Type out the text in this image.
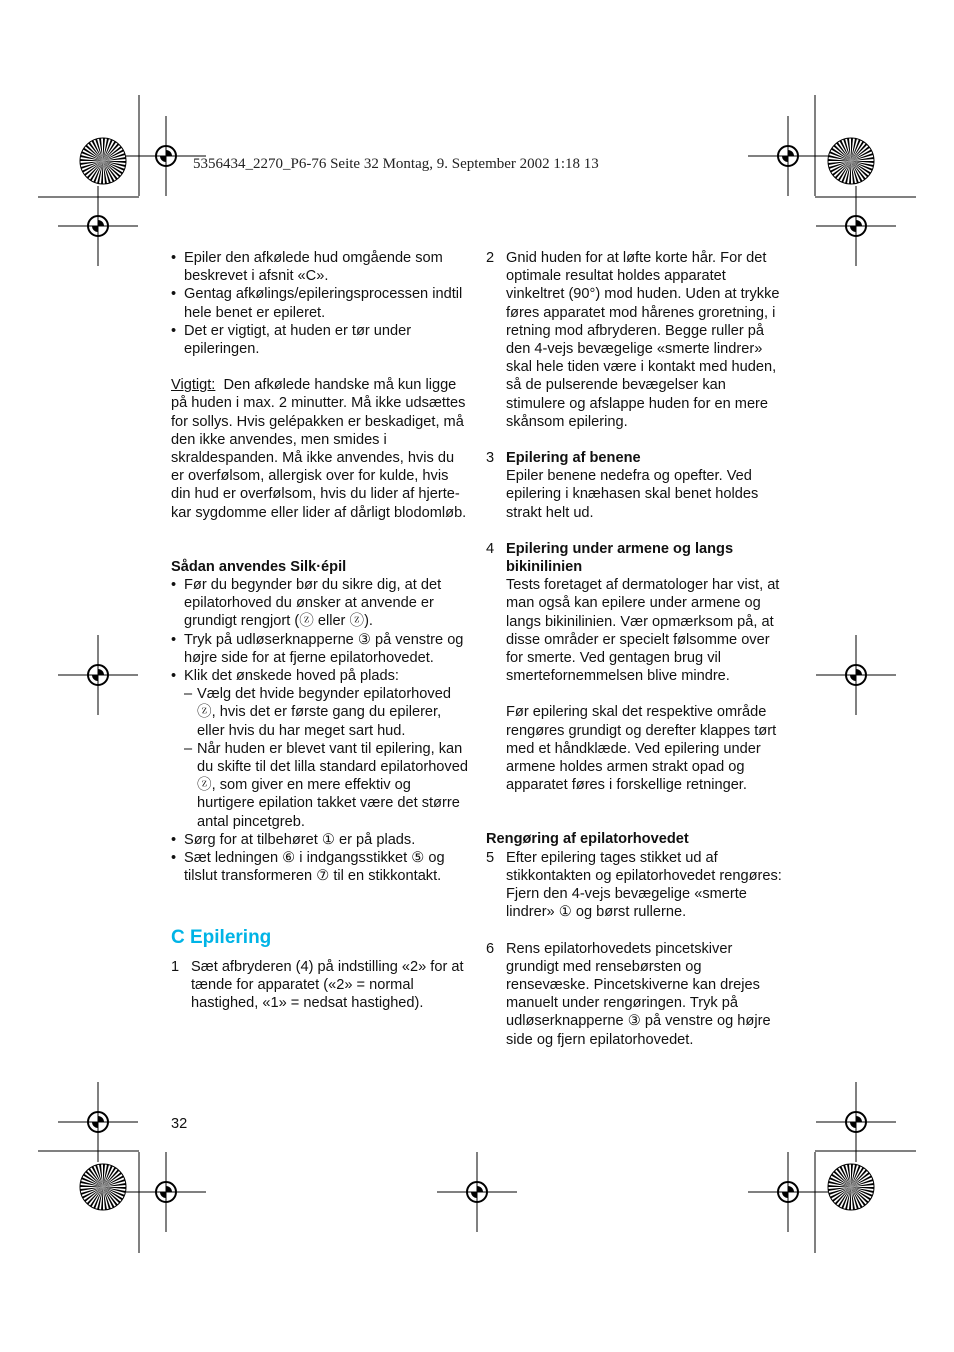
5356434_2270_P6-76 Seite 32 Montag, 9. September 2002 1:18 13
• Epiler den afkølede hud omgående som beskrevet i afsnit «C».
• Gentag afkølings/epileringsprocessen indtil hele benet er epileret.
• Det er vigtigt, at huden er tør under epileringen.

Vigtigt: Den afkølede handske må kun ligge på huden i max. 2 minutter. Må ikke udsættes for sollys. Hvis gelépakken er beskadiget, må den ikke anvendes, men smides i skraldespanden. Må ikke anvendes, hvis du er overfølsom, allergisk over for kulde, hvis din hud er overfølsom, hvis du lider af hjerte-kar sygdomme eller lider af dårligt blodomløb.

Sådan anvendes Silk·épil

• Før du begynder bør du sikre dig, at det epilatorhoved du ønsker at anvende er grundigt rengjort (ⓩ eller ⓩ).
• Tryk på udløserknapperne ③ på venstre og højre side for at fjerne epilatorhovedet.
• Klik det ønskede hoved på plads:
– Vælg det hvide begynder epilatorhoved ⓩ, hvis det er første gang du epilerer, eller hvis du har meget sart hud.
– Når huden er blevet vant til epilering, kan du skifte til det lilla standard epilatorhoved ⓩ, som giver en mere effektiv og hurtigere epilation takket være det større antal pincetgreb.
• Sørg for at tilbehøret ① er på plads.
• Sæt ledningen ⑥ i indgangsstikket ⑤ og tilslut transformeren ⑦ til en stikkontakt.

C Epilering

1 Sæt afbryderen (4) på indstilling «2» for at tænde for apparatet («2» = normal hastighed, «1» = nedsat hastighed).
32
2 Gnid huden for at løfte korte hår. For det optimale resultat holdes apparatet vinkeltret (90°) mod huden. Uden at trykke føres apparatet mod hårenes groretning, i retning mod afbryderen. Begge ruller på den 4-vejs bevægelige «smerte lindrer» skal hele tiden være i kontakt med huden, så de pulserende bevægelser kan stimulere og afslappe huden for en mere skånsom epilering.
3 Epilering af benene
Epiler benene nedefra og opefter. Ved epilering i knæhasen skal benet holdes strakt helt ud.
4 Epilering under armene og langs bikinilinien
Tests foretaget af dermatologer har vist, at man også kan epilere under armene og langs bikinilinien. Vær opmærksom på, at disse områder er specielt følsomme over for smerte. Ved gentagen brug vil smertefornemmelsen blive mindre.
Før epilering skal det respektive område rengøres grundigt og derefter klappes tørt med et håndklæde. Ved epilering under armene holdes armen strakt opad og apparatet føres i forskellige retninger.

Rengøring af epilatorhovedet

5 Efter epilering tages stikket ud af stikkontakten og epilatorhovedet rengøres:
Fjern den 4-vejs bevægelige «smerte lindrer» ① og børst rullerne.
6 Rens epilatorhovedets pincetskiver grundigt med rensebørsten og rensevæske. Pincetskiverne kan drejes manuelt under rengøringen. Tryk på udløserknapperne ③ på venstre og højre side og fjern epilatorhovedet.
